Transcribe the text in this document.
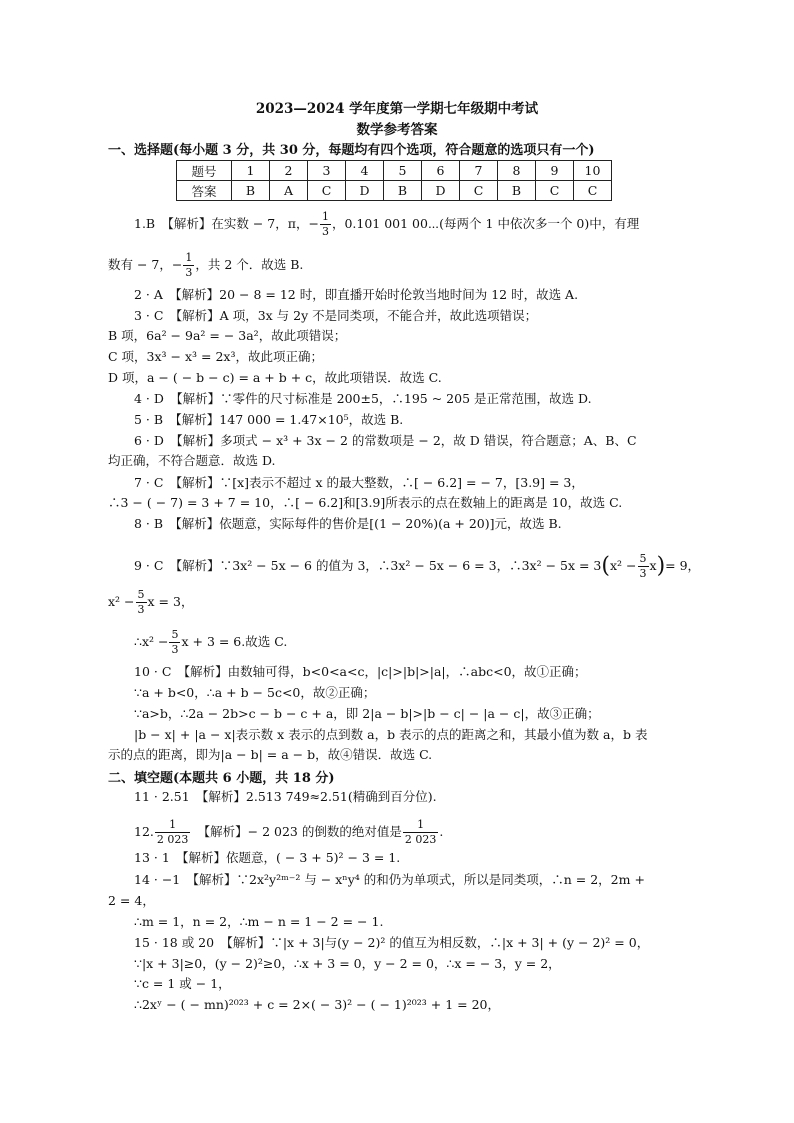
2023—2024 学年度第一学期七年级期中考试
数学参考答案
一、选择题(每小题 3 分，共 30 分，每题均有四个选项，符合题意的选项只有一个)
题号	1	2	3	4	5	6	7	8	9	10
答案	B	A	C	D	B	D	C	B	C	C
1.B　【解析】在实数 − 7，π，− $\frac{1}{3}$ ，0.101 001 00⋯(每两个 1 中依次多一个 0)中，有理
数有 − 7，− $\frac{1}{3}$ ，共 2 个．故选 B.
2 · A　【解析】20 − 8 = 12 时，即直播开始时伦敦当地时间为 12 时，故选 A.
3 · C　【解析】A 项，3x 与 2y 不是同类项，不能合并，故此选项错误；
B 项，6a² − 9a² = − 3a²，故此项错误；
C 项，3x³ − x³ = 2x³，故此项正确；
D 项，a − ( − b − c) = a + b + c，故此项错误．故选 C.
4 · D　【解析】∵零件的尺寸标准是 200±5，∴195 ~ 205 是正常范围，故选 D.
5 · B　【解析】147 000 = 1.47×10⁵，故选 B.
6 · D　【解析】多项式 − x³ + 3x − 2 的常数项是 − 2，故 D 错误，符合题意；A、B、C
均正确，不符合题意．故选 D.
7 · C　【解析】∵[x]表示不超过 x 的最大整数，∴[ − 6.2] = − 7，[3.9] = 3，
∴3 − ( − 7) = 3 + 7 = 10，∴[ − 6.2]和[3.9]所表示的点在数轴上的距离是 10，故选 C.
8 · B　【解析】依题意，实际每件的售价是[(1 − 20%)(a + 20)]元，故选 B.
9 · C　【解析】∵3x² − 5x − 6 的值为 3，∴3x² − 5x − 6 = 3，∴3x² − $5x = 3(x^2 - \frac{5}{3} x)= 9$，
$x^2 - \frac{5}{3}$ x = 3，
∴x² − $\frac{5}{3}$ x + 3 = 6.故选 C.
10 · C　【解析】由数轴可得，b<0<a<c，|c|>|b|>|a|，∴abc<0，故①正确；
∵a + b<0，∴a + b − 5c<0，故②正确；
∵a>b，∴2a − 2b>c − b − c + a，即 2|a − b|>|b − c| − |a − c|，故③正确；
|b − x| + |a − x|表示数 x 表示的点到数 a，b 表示的点的距离之和，其最小值为数 a，b 表
示的点的距离，即为|a − b| = a − b，故④错误．故选 C.
二、填空题(本题共 6 小题，共 18 分)
11 · 2.51　【解析】2.513 749≈2.51(精确到百分位).
12. $\frac{1}{2 023}$ 　【解析】− 2 023 的倒数的绝对值是 $\frac{1}{2 023}$ .
13 · 1　【解析】依题意，( − 3 + 5)² − 3 = 1.
14 · −1　【解析】∵2x²y²ᵐ⁻² 与 − xⁿy⁴ 的和仍为单项式，所以是同类项，∴n = 2，2m +
2 = 4，
∴m = 1，n = 2，∴m − n = 1 − 2 = − 1.
15 · 18 或 20　【解析】∵|x + 3|与(y − 2)² 的值互为相反数，∴|x + 3| + (y − 2)² = 0，
∵|x + 3|≥0，(y − 2)²≥0，∴x + 3 = 0，y − 2 = 0，∴x = − 3，y = 2，
∵c = 1 或 − 1，
∴2xʸ − ( − mn)²⁰²³ + c = 2×( − 3)² − ( − 1)²⁰²³ + 1 = 20，
